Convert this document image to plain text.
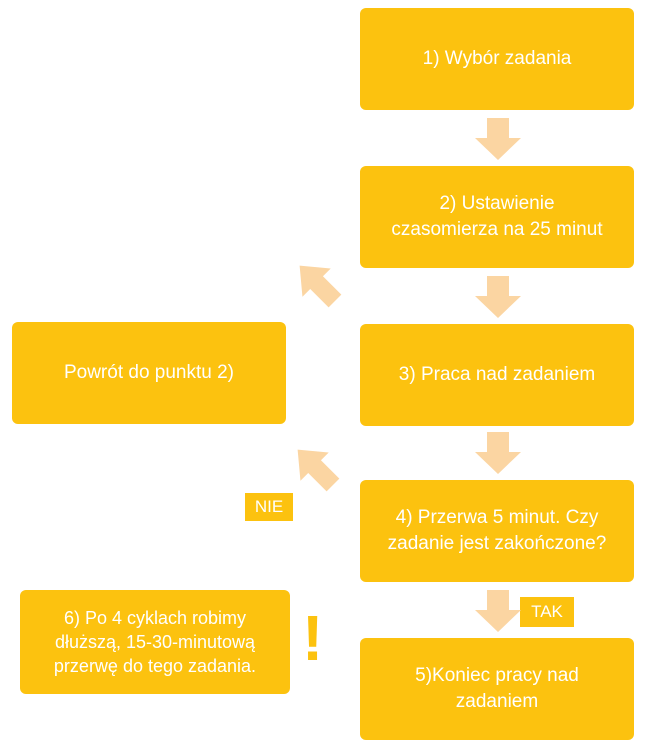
1) Wybór zadania
2) Ustawienie
czasomierza na 25 minut
3) Praca nad zadaniem
4) Przerwa 5 minut. Czy
zadanie jest zakończone?
5)Koniec pracy nad
zadaniem
Powrót do punktu 2)
6) Po 4 cyklach robimy
dłuższą, 15-30-minutową
przerwę do tego zadania. !
NIE
TAK
